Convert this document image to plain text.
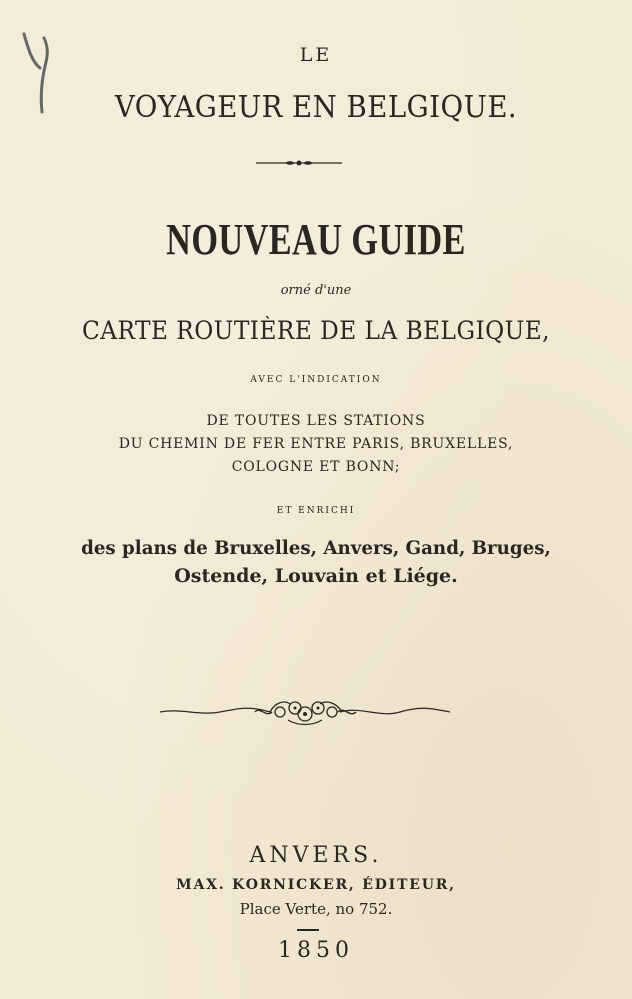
LE
VOYAGEUR EN BELGIQUE.
NOUVEAU GUIDE
orné d'une
CARTE ROUTIÈRE DE LA BELGIQUE,
AVEC L'INDICATION
DE TOUTES LES STATIONS
DU CHEMIN DE FER ENTRE PARIS, BRUXELLES,
COLOGNE ET BONN;
ET ENRICHI
des plans de Bruxelles, Anvers, Gand, Bruges,
Ostende, Louvain et Liége.
ANVERS.
MAX. KORNICKER, ÉDITEUR,
Place Verte, no 752.
1850
